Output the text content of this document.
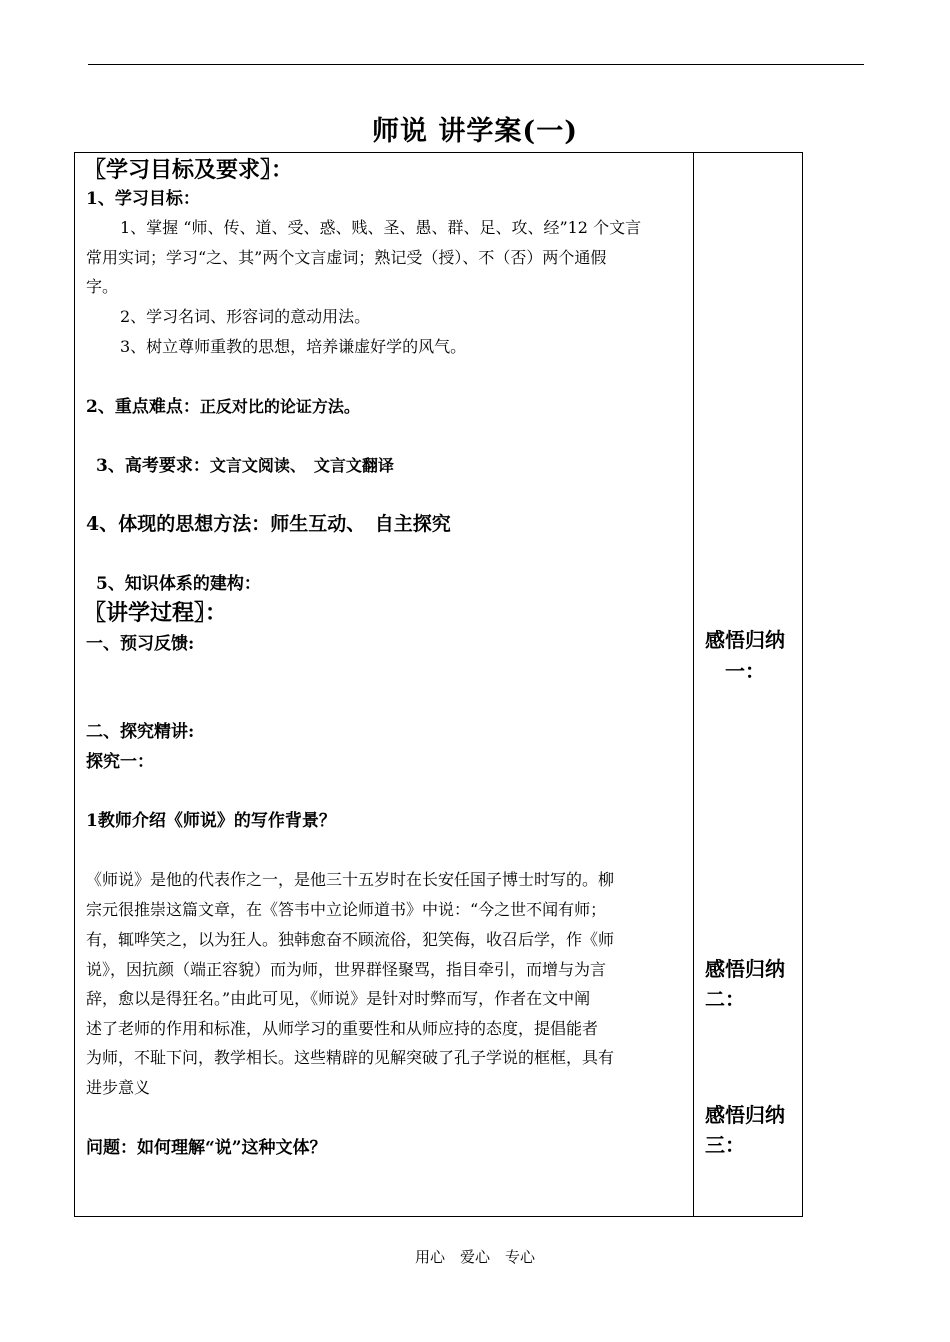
师说 讲学案(一)
〖学习目标及要求〗：
1、学习目标：
1、掌握 “师、传、道、受、惑、贱、圣、愚、群、足、攻、经”12 个文言
常用实词；学习“之、其”两个文言虚词；熟记受（授）、不（否）两个通假
字。
2、学习名词、形容词的意动用法。
3、树立尊师重教的思想，培养谦虚好学的风气。
2、重点难点：正反对比的论证方法。
3、高考要求：文言文阅读、　文言文翻译
4、体现的思想方法：师生互动、　自主探究
5、知识体系的建构：
〖讲学过程〗：
一、预习反馈:
二、探究精讲:
探究一：
1教师介绍《师说》的写作背景？
《师说》是他的代表作之一，是他三十五岁时在长安任国子博士时写的。柳
宗元很推崇这篇文章，在《答韦中立论师道书》中说：“今之世不闻有师；
有，辄哗笑之，以为狂人。独韩愈奋不顾流俗，犯笑侮，收召后学，作《师
说》，因抗颜（端正容貌）而为师，世界群怪聚骂，指目牵引，而增与为言
辞，愈以是得狂名。”由此可见，《师说》是针对时弊而写，作者在文中阐
述了老师的作用和标准，从师学习的重要性和从师应持的态度，提倡能者
为师，不耻下问，教学相长。这些精辟的见解突破了孔子学说的框框，具有
进步意义
问题：如何理解“说”这种文体？
感悟归纳
一：
感悟归纳
二：
感悟归纳
三：
用心　爱心　专心
